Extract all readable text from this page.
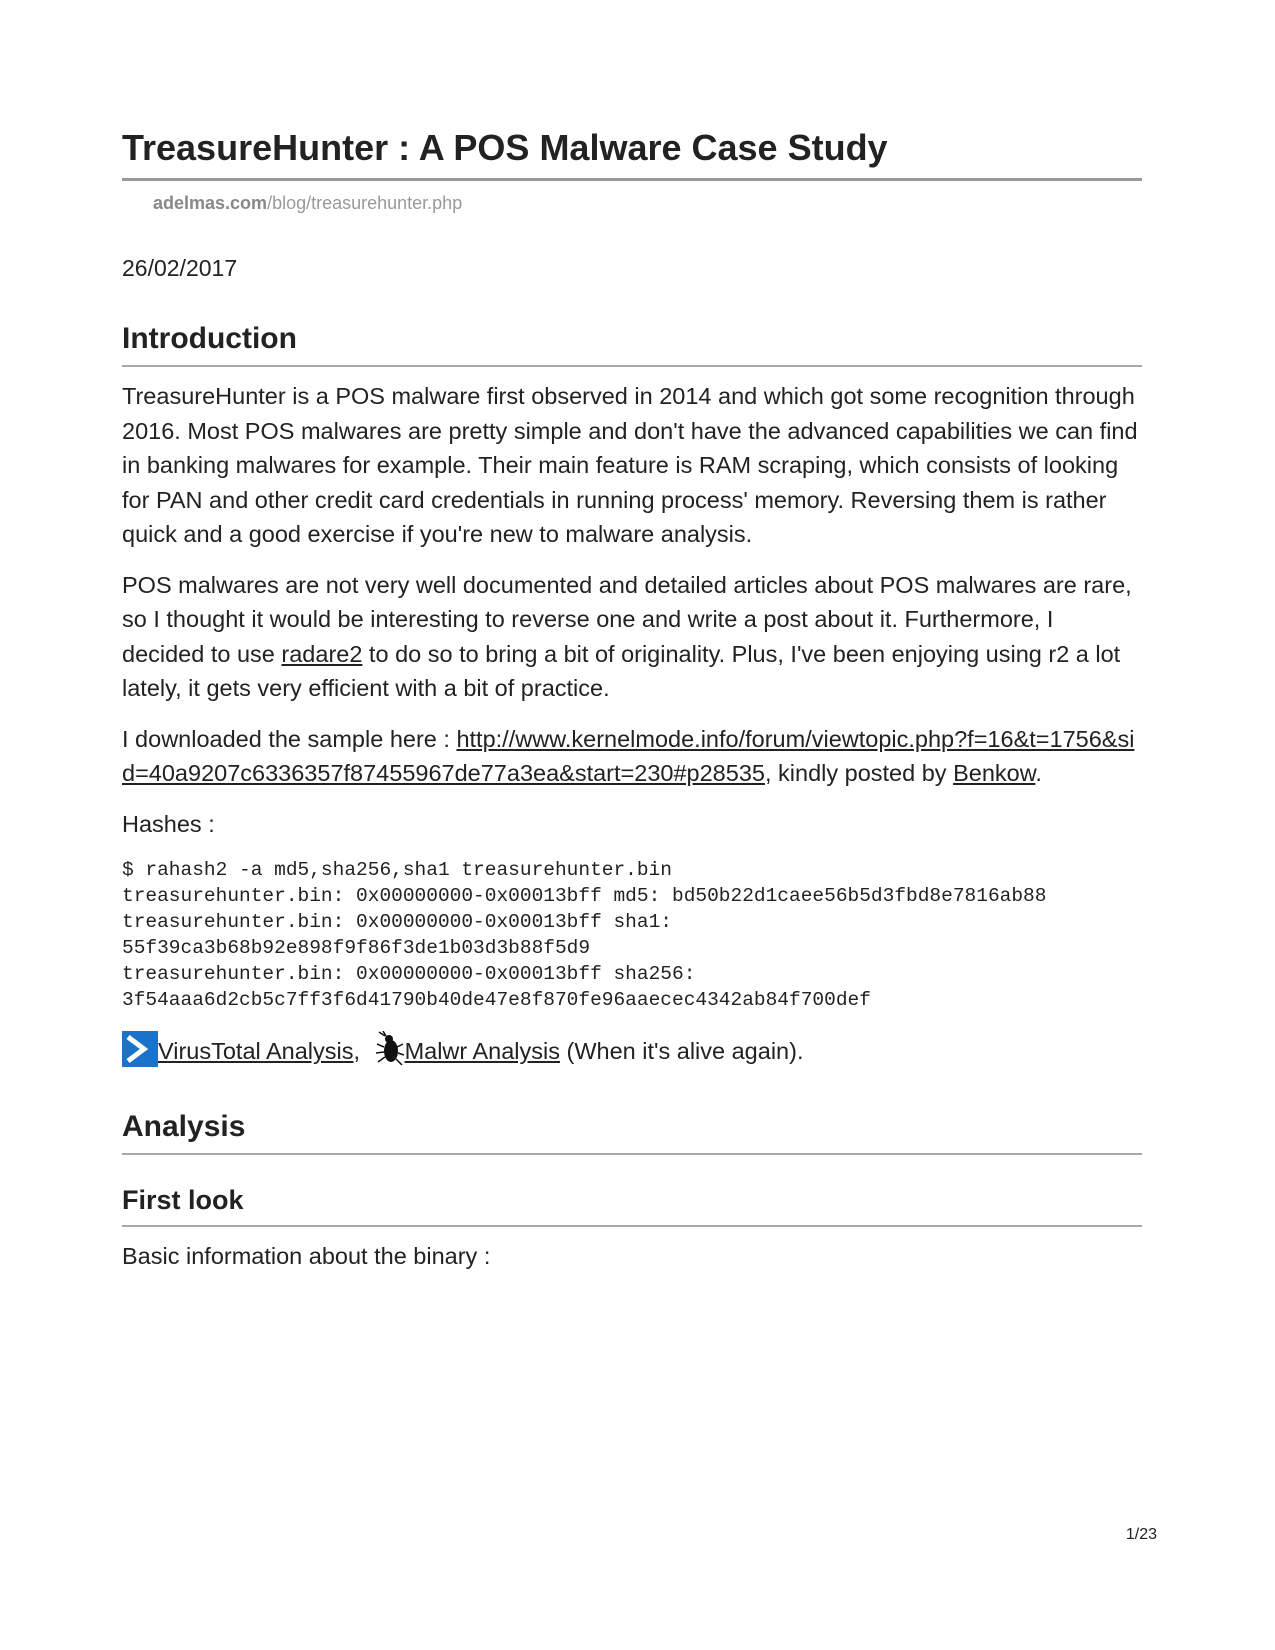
TreasureHunter : A POS Malware Case Study
adelmas.com/blog/treasurehunter.php
26/02/2017
Introduction

TreasureHunter is a POS malware first observed in 2014 and which got some recognition through 2016. Most POS malwares are pretty simple and don't have the advanced capabilities we can find in banking malwares for example. Their main feature is RAM scraping, which consists of looking for PAN and other credit card credentials in running process' memory. Reversing them is rather quick and a good exercise if you're new to malware analysis.

POS malwares are not very well documented and detailed articles about POS malwares are rare, so I thought it would be interesting to reverse one and write a post about it. Furthermore, I decided to use radare2 to do so to bring a bit of originality. Plus, I've been enjoying using r2 a lot lately, it gets very efficient with a bit of practice.

I downloaded the sample here : http://www.kernelmode.info/forum/viewtopic.php?f=16&t=1756&sid=40a9207c6336357f87455967de77a3ea&start=230#p28535, kindly posted by Benkow.

Hashes :

$ rahash2 -a md5,sha256,sha1 treasurehunter.bin
treasurehunter.bin: 0x00000000-0x00013bff md5: bd50b22d1caee56b5d3fbd8e7816ab88
treasurehunter.bin: 0x00000000-0x00013bff sha1:
55f39ca3b68b92e898f9f86f3de1b03d3b88f5d9
treasurehunter.bin: 0x00000000-0x00013bff sha256:
3f54aaa6d2cb5c7ff3f6d41790b40de47e8f870fe96aaecec4342ab84f700def

VirusTotal Analysis, Malwr Analysis (When it's alive again).

Analysis
First look

Basic information about the binary :

1/23
